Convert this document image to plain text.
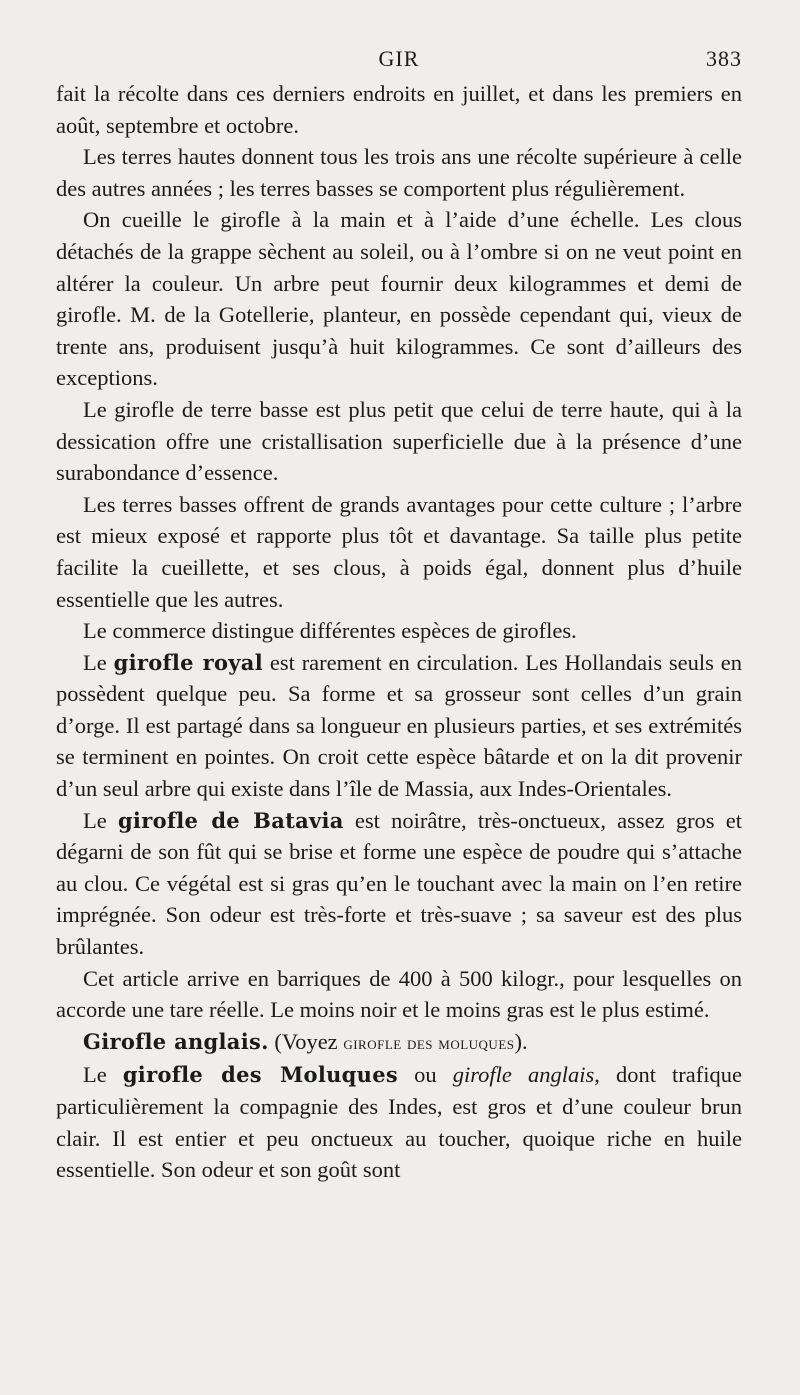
GIR	383

fait la récolte dans ces derniers endroits en juillet, et dans les premiers en août, septembre et octobre.

Les terres hautes donnent tous les trois ans une récolte supérieure à celle des autres années ; les terres basses se comportent plus régulièrement.

On cueille le girofle à la main et à l’aide d’une échelle. Les clous détachés de la grappe sèchent au soleil, ou à l’ombre si on ne veut point en altérer la couleur. Un arbre peut fournir deux kilogrammes et demi de girofle. M. de la Gotellerie, planteur, en possède cependant qui, vieux de trente ans, produisent jusqu’à huit kilogrammes. Ce sont d’ailleurs des exceptions.

Le girofle de terre basse est plus petit que celui de terre haute, qui à la dessication offre une cristallisation superficielle due à la présence d’une surabondance d’essence.

Les terres basses offrent de grands avantages pour cette culture ; l’arbre est mieux exposé et rapporte plus tôt et davantage. Sa taille plus petite facilite la cueillette, et ses clous, à poids égal, donnent plus d’huile essentielle que les autres.

Le commerce distingue différentes espèces de girofles.

Le girofle royal est rarement en circulation. Les Hollandais seuls en possèdent quelque peu. Sa forme et sa grosseur sont celles d’un grain d’orge. Il est partagé dans sa longueur en plusieurs parties, et ses extrémités se terminent en pointes. On croit cette espèce bâtarde et on la dit provenir d’un seul arbre qui existe dans l’île de Massia, aux Indes-Orientales.

Le girofle de Batavia est noirâtre, très-onctueux, assez gros et dégarni de son fût qui se brise et forme une espèce de poudre qui s’attache au clou. Ce végétal est si gras qu’en le touchant avec la main on l’en retire imprégnée. Son odeur est très-forte et très-suave ; sa saveur est des plus brûlantes.

Cet article arrive en barriques de 400 à 500 kilogr., pour lesquelles on accorde une tare réelle. Le moins noir et le moins gras est le plus estimé.

Girofle anglais. (Voyez girofle des moluques).

Le girofle des Moluques ou girofle anglais, dont trafique particulièrement la compagnie des Indes, est gros et d’une couleur brun clair. Il est entier et peu onctueux au toucher, quoique riche en huile essentielle. Son odeur et son goût sont
